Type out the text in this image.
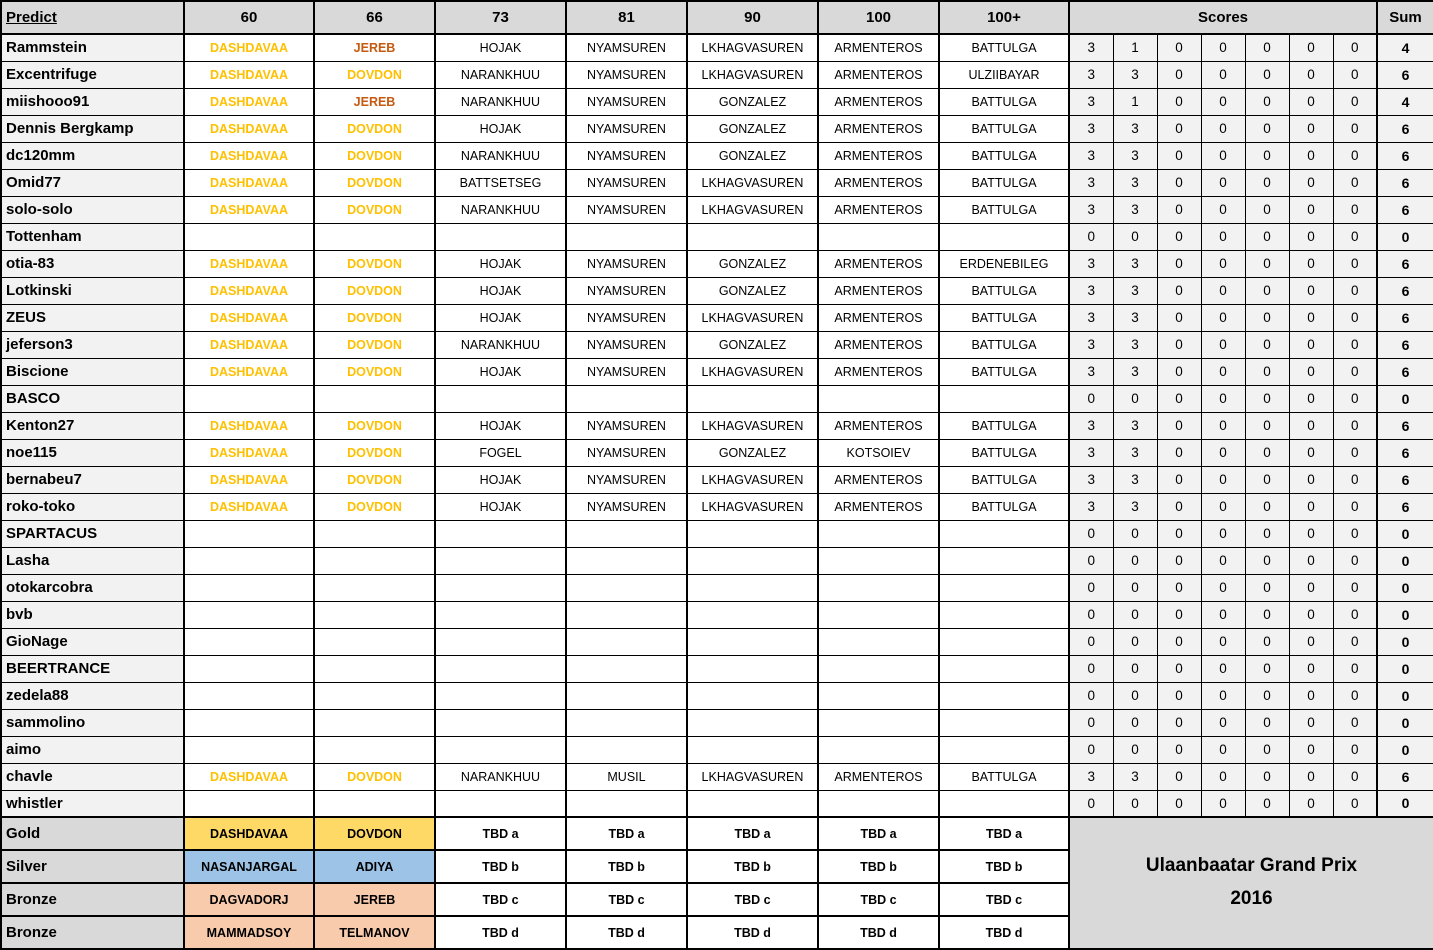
Predict	60	66	73	81	90	100	100+	Scores							Sum
Rammstein	DASHDAVAA	JEREB	HOJAK	NYAMSUREN	LKHAGVASUREN	ARMENTEROS	BATTULGA	3	1	0	0	0	0	0	4
Excentrifuge	DASHDAVAA	DOVDON	NARANKHUU	NYAMSUREN	LKHAGVASUREN	ARMENTEROS	ULZIIBAYAR	3	3	0	0	0	0	0	6
miishooo91	DASHDAVAA	JEREB	NARANKHUU	NYAMSUREN	GONZALEZ	ARMENTEROS	BATTULGA	3	1	0	0	0	0	0	4
Dennis Bergkamp	DASHDAVAA	DOVDON	HOJAK	NYAMSUREN	GONZALEZ	ARMENTEROS	BATTULGA	3	3	0	0	0	0	0	6
dc120mm	DASHDAVAA	DOVDON	NARANKHUU	NYAMSUREN	GONZALEZ	ARMENTEROS	BATTULGA	3	3	0	0	0	0	0	6
Omid77	DASHDAVAA	DOVDON	BATTSETSEG	NYAMSUREN	LKHAGVASUREN	ARMENTEROS	BATTULGA	3	3	0	0	0	0	0	6
solo-solo	DASHDAVAA	DOVDON	NARANKHUU	NYAMSUREN	LKHAGVASUREN	ARMENTEROS	BATTULGA	3	3	0	0	0	0	0	6
Tottenham								0	0	0	0	0	0	0	0
otia-83	DASHDAVAA	DOVDON	HOJAK	NYAMSUREN	GONZALEZ	ARMENTEROS	ERDENEBILEG	3	3	0	0	0	0	0	6
Lotkinski	DASHDAVAA	DOVDON	HOJAK	NYAMSUREN	GONZALEZ	ARMENTEROS	BATTULGA	3	3	0	0	0	0	0	6
ZEUS	DASHDAVAA	DOVDON	HOJAK	NYAMSUREN	LKHAGVASUREN	ARMENTEROS	BATTULGA	3	3	0	0	0	0	0	6
jeferson3	DASHDAVAA	DOVDON	NARANKHUU	NYAMSUREN	GONZALEZ	ARMENTEROS	BATTULGA	3	3	0	0	0	0	0	6
Biscione	DASHDAVAA	DOVDON	HOJAK	NYAMSUREN	LKHAGVASUREN	ARMENTEROS	BATTULGA	3	3	0	0	0	0	0	6
BASCO								0	0	0	0	0	0	0	0
Kenton27	DASHDAVAA	DOVDON	HOJAK	NYAMSUREN	LKHAGVASUREN	ARMENTEROS	BATTULGA	3	3	0	0	0	0	0	6
noe115	DASHDAVAA	DOVDON	FOGEL	NYAMSUREN	GONZALEZ	KOTSOIEV	BATTULGA	3	3	0	0	0	0	0	6
bernabeu7	DASHDAVAA	DOVDON	HOJAK	NYAMSUREN	LKHAGVASUREN	ARMENTEROS	BATTULGA	3	3	0	0	0	0	0	6
roko-toko	DASHDAVAA	DOVDON	HOJAK	NYAMSUREN	LKHAGVASUREN	ARMENTEROS	BATTULGA	3	3	0	0	0	0	0	6
SPARTACUS								0	0	0	0	0	0	0	0
Lasha								0	0	0	0	0	0	0	0
otokarcobra								0	0	0	0	0	0	0	0
bvb								0	0	0	0	0	0	0	0
GioNage								0	0	0	0	0	0	0	0
BEERTRANCE								0	0	0	0	0	0	0	0
zedela88								0	0	0	0	0	0	0	0
sammolino								0	0	0	0	0	0	0	0
aimo								0	0	0	0	0	0	0	0
chavle	DASHDAVAA	DOVDON	NARANKHUU	MUSIL	LKHAGVASUREN	ARMENTEROS	BATTULGA	3	3	0	0	0	0	0	6
whistler								0	0	0	0	0	0	0	0
Gold	DASHDAVAA	DOVDON	TBD a	TBD a	TBD a	TBD a	TBD a	Ulaanbaatar Grand Prix
2016							

Silver	NASANJARGAL	ADIYA	TBD b	TBD b	TBD b	TBD b	TBD b								
Bronze	DAGVADORJ	JEREB	TBD c	TBD c	TBD c	TBD c	TBD c								
Bronze	MAMMADSOY	TELMANOV	TBD d	TBD d	TBD d	TBD d	TBD d								
